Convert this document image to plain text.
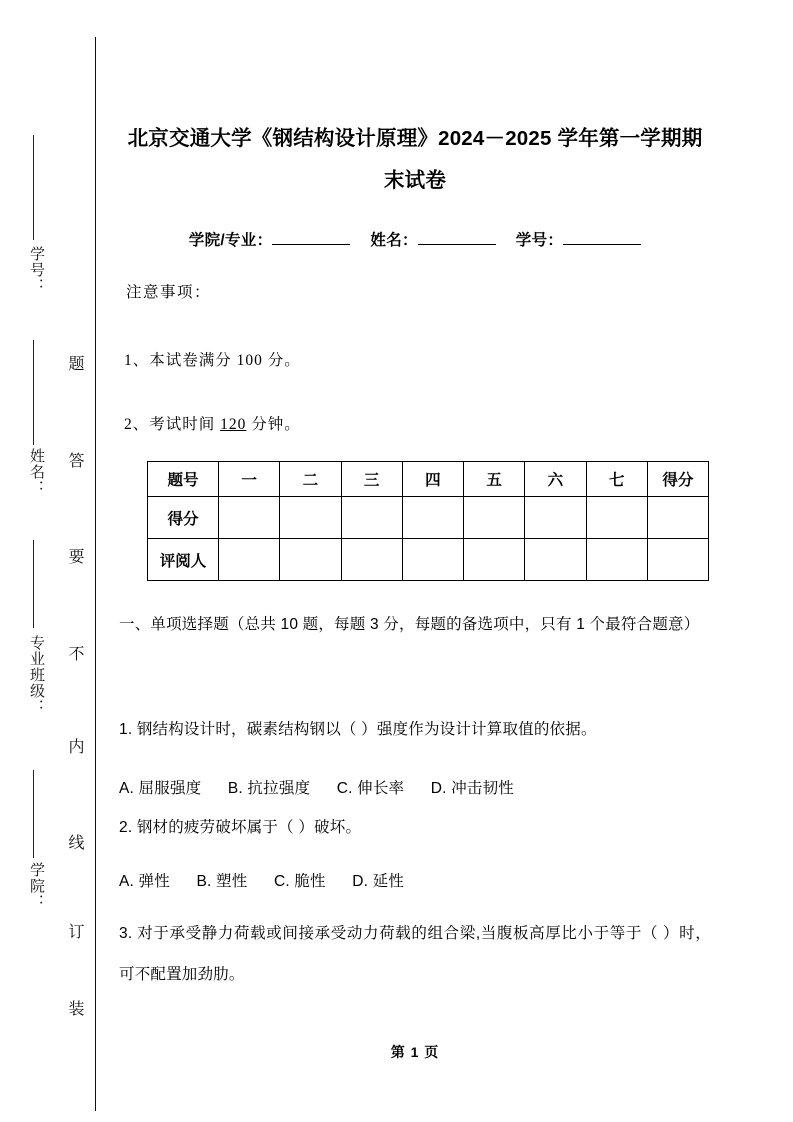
学号：
姓名：
专业班级：
学院：
题
答
要
不
内
线
订
装
北京交通大学《钢结构设计原理》2024－2025 学年第一学期期末试卷
学院/专业：	姓名：	学号：
注意事项：
1、本试卷满分 100 分。
2、考试时间 120 分钟。
题号	一	二	三	四	五	六	七	得分
得分								
评阅人								
一、单项选择题（总共 10 题，每题 3 分，每题的备选项中，只有 1 个最符合题意）
1. 钢结构设计时，碳素结构钢以（ ）强度作为设计计算取值的依据。
A. 屈服强度 B. 抗拉强度 C. 伸长率 D. 冲击韧性
2. 钢材的疲劳破坏属于（ ）破坏。
A. 弹性 B. 塑性 C. 脆性 D. 延性
3. 对于承受静力荷载或间接承受动力荷载的组合梁,当腹板高厚比小于等于（ ）时，可不配置加劲肋。
第 1 页
